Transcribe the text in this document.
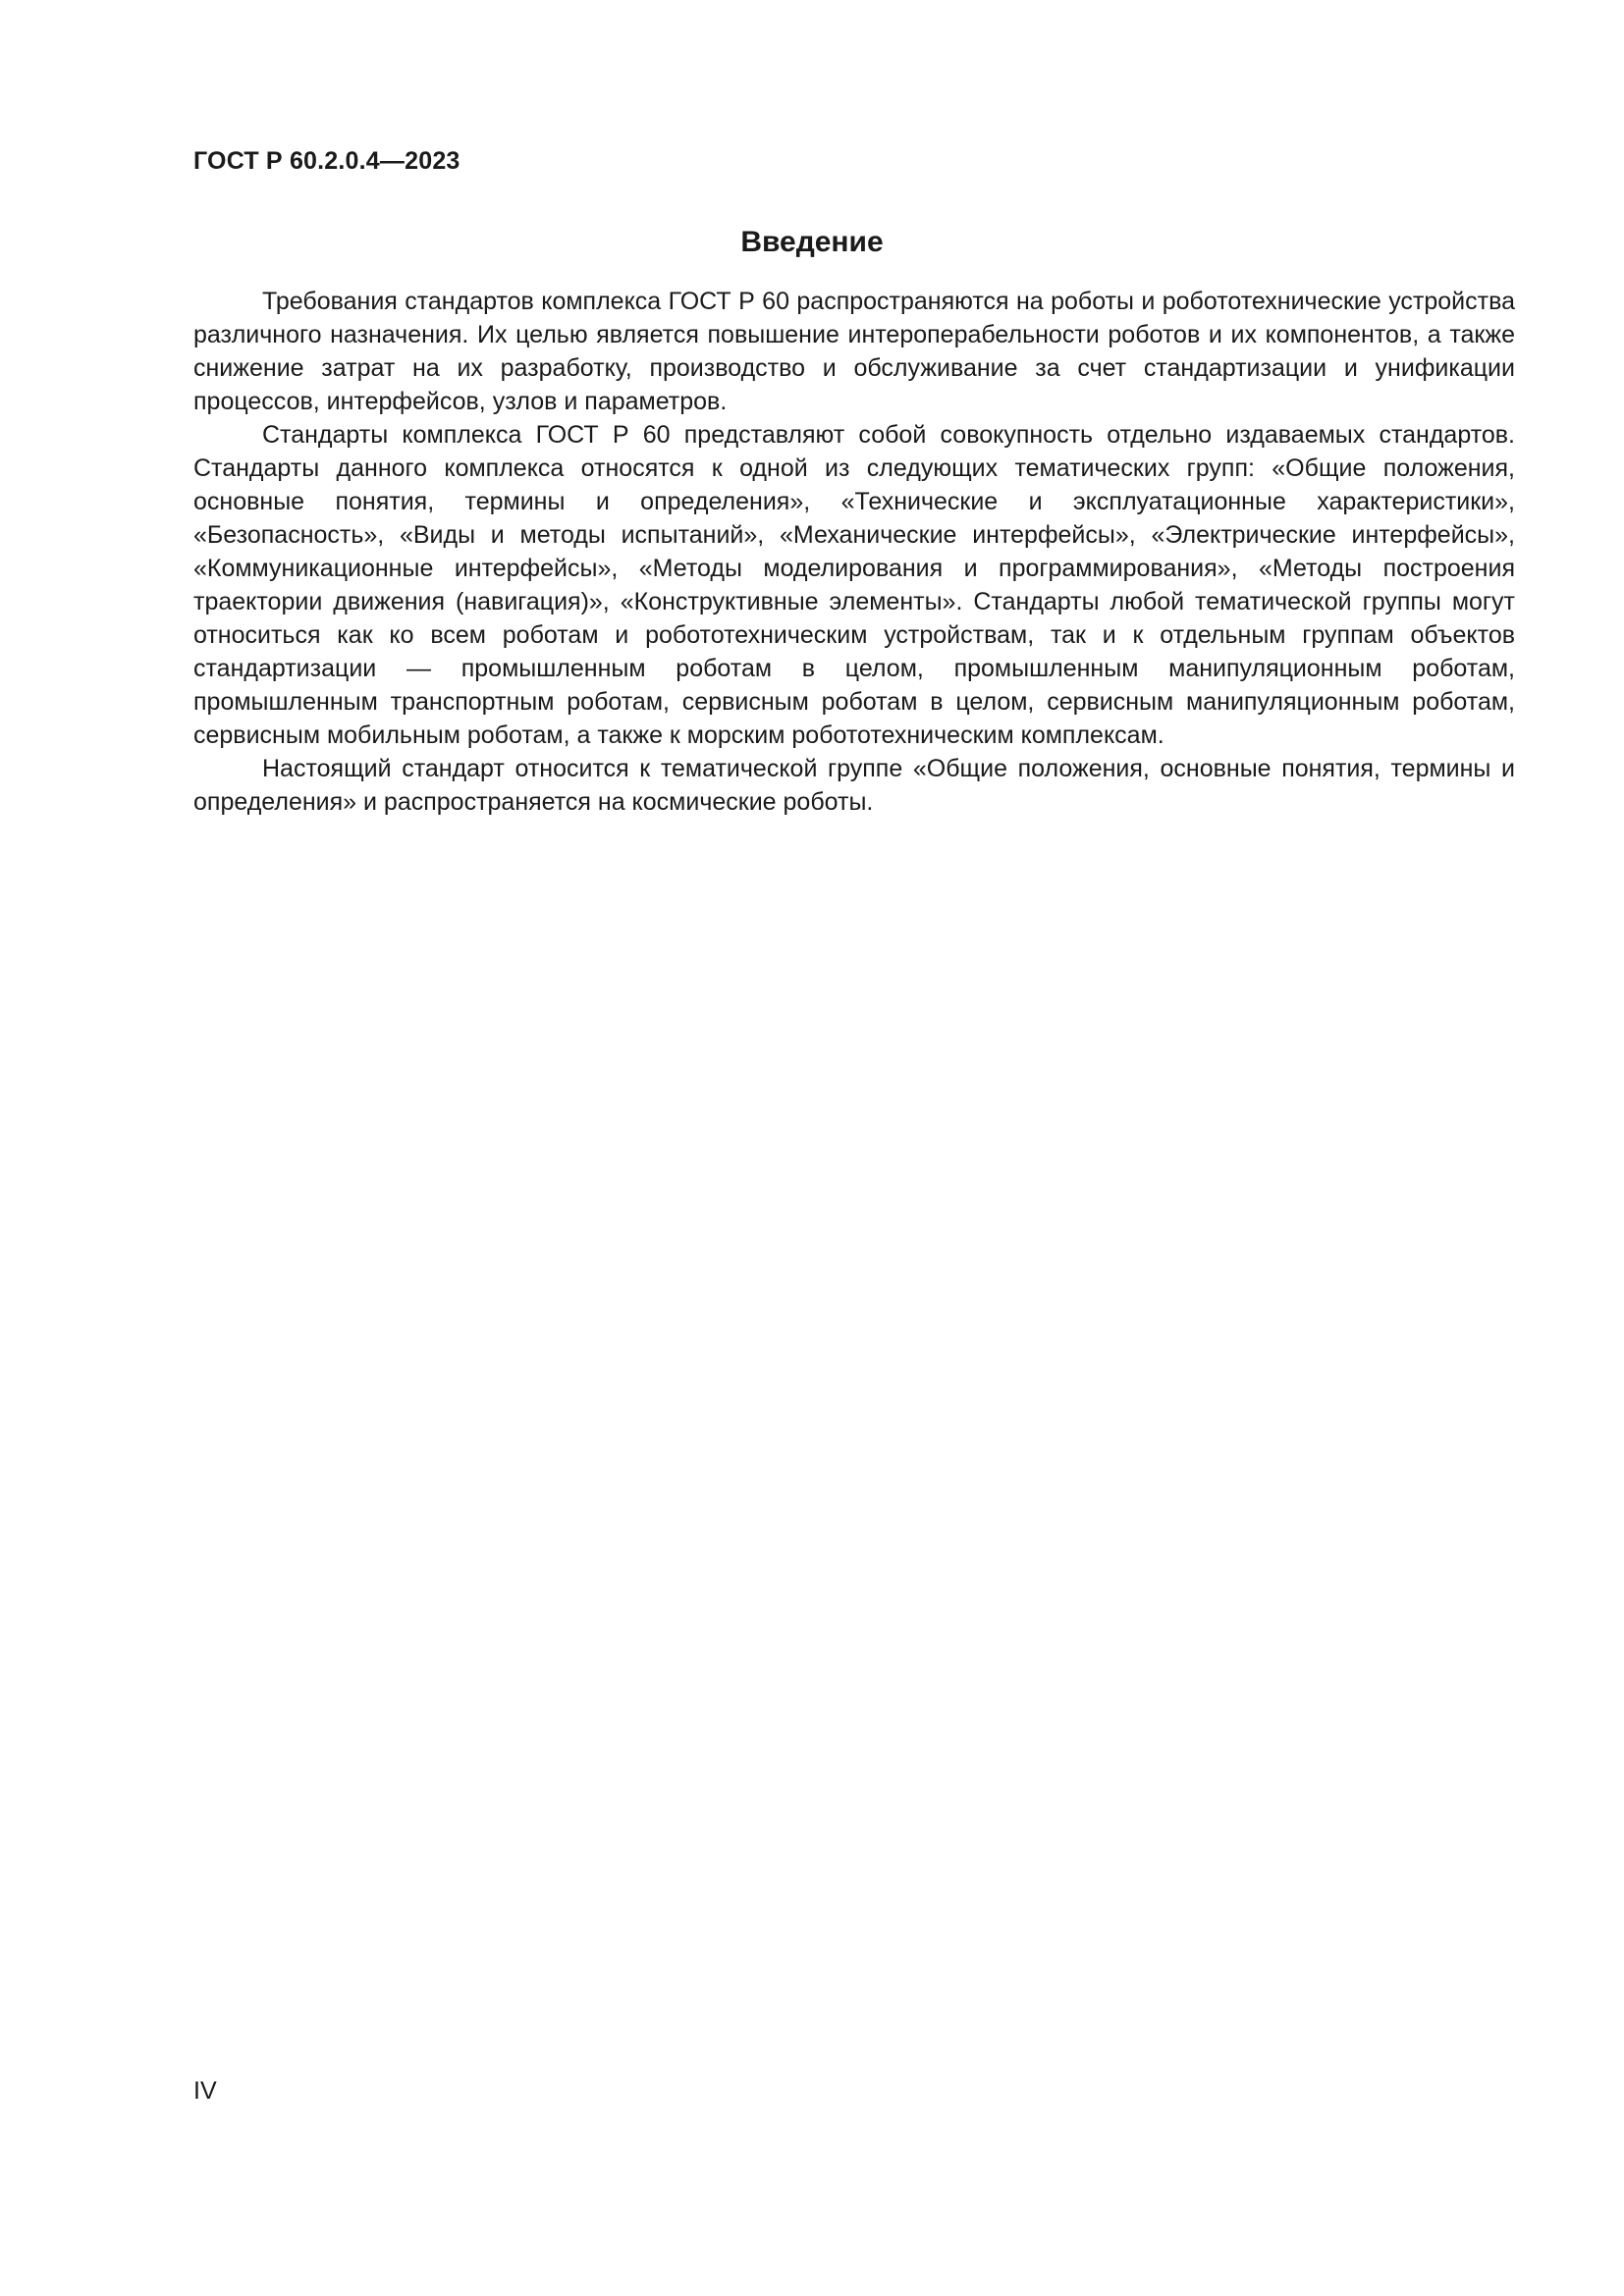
ГОСТ Р 60.2.0.4—2023
Введение

Требования стандартов комплекса ГОСТ Р 60 распространяются на роботы и робототехнические устройства различного назначения. Их целью является повышение интероперабельности роботов и их компонентов, а также снижение затрат на их разработку, производство и обслуживание за счет стандартизации и унификации процессов, интерфейсов, узлов и параметров.

Стандарты комплекса ГОСТ Р 60 представляют собой совокупность отдельно издаваемых стандартов. Стандарты данного комплекса относятся к одной из следующих тематических групп: «Общие положения, основные понятия, термины и определения», «Технические и эксплуатационные характеристики», «Безопасность», «Виды и методы испытаний», «Механические интерфейсы», «Электрические интерфейсы», «Коммуникационные интерфейсы», «Методы моделирования и программирования», «Методы построения траектории движения (навигация)», «Конструктивные элементы». Стандарты любой тематической группы могут относиться как ко всем роботам и робототехническим устройствам, так и к отдельным группам объектов стандартизации — промышленным роботам в целом, промышленным манипуляционным роботам, промышленным транспортным роботам, сервисным роботам в целом, сервисным манипуляционным роботам, сервисным мобильным роботам, а также к морским робототехническим комплексам.

Настоящий стандарт относится к тематической группе «Общие положения, основные понятия, термины и определения» и распространяется на космические роботы.

IV
